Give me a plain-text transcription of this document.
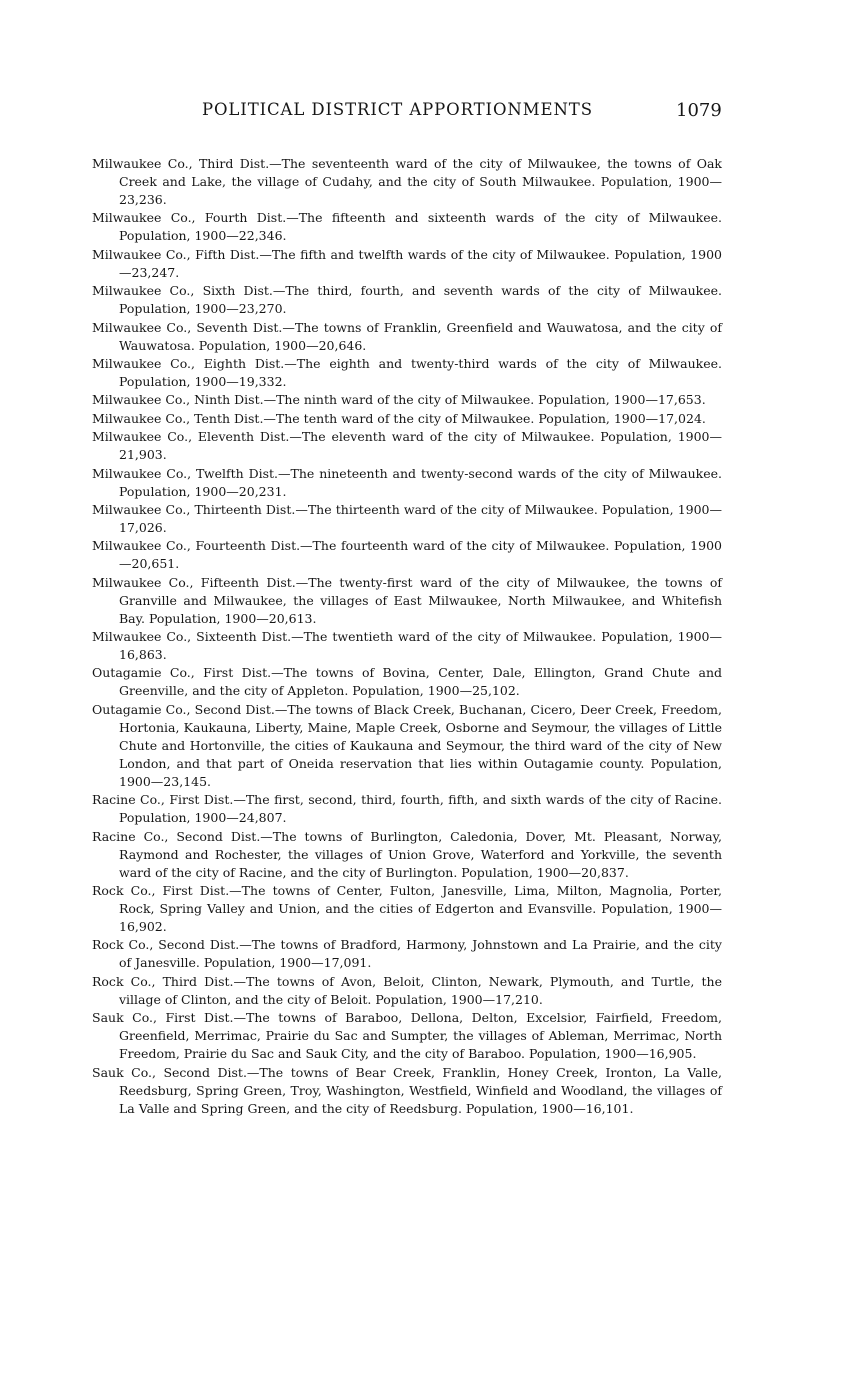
POLITICAL DISTRICT APPORTIONMENTS	1079

Milwaukee Co., Third Dist.—The seventeenth ward of the city of Milwaukee, the towns of Oak Creek and Lake, the village of Cudahy, and the city of South Milwaukee. Population, 1900—23,236.

Milwaukee Co., Fourth Dist.—The fifteenth and sixteenth wards of the city of Milwaukee. Population, 1900—22,346.

Milwaukee Co., Fifth Dist.—The fifth and twelfth wards of the city of Milwaukee. Population, 1900—23,247.

Milwaukee Co., Sixth Dist.—The third, fourth, and seventh wards of the city of Milwaukee. Population, 1900—23,270.

Milwaukee Co., Seventh Dist.—The towns of Franklin, Greenfield and Wauwatosa, and the city of Wauwatosa. Population, 1900—20,646.

Milwaukee Co., Eighth Dist.—The eighth and twenty-third wards of the city of Milwaukee. Population, 1900—19,332.

Milwaukee Co., Ninth Dist.—The ninth ward of the city of Milwaukee. Population, 1900—17,653.

Milwaukee Co., Tenth Dist.—The tenth ward of the city of Milwaukee. Population, 1900—17,024.

Milwaukee Co., Eleventh Dist.—The eleventh ward of the city of Milwaukee. Population, 1900—21,903.

Milwaukee Co., Twelfth Dist.—The nineteenth and twenty-second wards of the city of Milwaukee. Population, 1900—20,231.

Milwaukee Co., Thirteenth Dist.—The thirteenth ward of the city of Milwaukee. Population, 1900—17,026.

Milwaukee Co., Fourteenth Dist.—The fourteenth ward of the city of Milwaukee. Population, 1900—20,651.

Milwaukee Co., Fifteenth Dist.—The twenty-first ward of the city of Milwaukee, the towns of Granville and Milwaukee, the villages of East Milwaukee, North Milwaukee, and Whitefish Bay. Population, 1900—20,613.

Milwaukee Co., Sixteenth Dist.—The twentieth ward of the city of Milwaukee. Population, 1900—16,863.

Outagamie Co., First Dist.—The towns of Bovina, Center, Dale, Ellington, Grand Chute and Greenville, and the city of Appleton. Population, 1900—25,102.

Outagamie Co., Second Dist.—The towns of Black Creek, Buchanan, Cicero, Deer Creek, Freedom, Hortonia, Kaukauna, Liberty, Maine, Maple Creek, Osborne and Seymour, the villages of Little Chute and Hortonville, the cities of Kaukauna and Seymour, the third ward of the city of New London, and that part of Oneida reservation that lies within Outagamie county. Population, 1900—23,145.

Racine Co., First Dist.—The first, second, third, fourth, fifth, and sixth wards of the city of Racine. Population, 1900—24,807.

Racine Co., Second Dist.—The towns of Burlington, Caledonia, Dover, Mt. Pleasant, Norway, Raymond and Rochester, the villages of Union Grove, Waterford and Yorkville, the seventh ward of the city of Racine, and the city of Burlington. Population, 1900—20,837.

Rock Co., First Dist.—The towns of Center, Fulton, Janesville, Lima, Milton, Magnolia, Porter, Rock, Spring Valley and Union, and the cities of Edgerton and Evansville. Population, 1900—16,902.

Rock Co., Second Dist.—The towns of Bradford, Harmony, Johnstown and La Prairie, and the city of Janesville. Population, 1900—17,091.

Rock Co., Third Dist.—The towns of Avon, Beloit, Clinton, Newark, Plymouth, and Turtle, the village of Clinton, and the city of Beloit. Population, 1900—17,210.

Sauk Co., First Dist.—The towns of Baraboo, Dellona, Delton, Excelsior, Fairfield, Freedom, Greenfield, Merrimac, Prairie du Sac and Sumpter, the villages of Ableman, Merrimac, North Freedom, Prairie du Sac and Sauk City, and the city of Baraboo. Population, 1900—16,905.

Sauk Co., Second Dist.—The towns of Bear Creek, Franklin, Honey Creek, Ironton, La Valle, Reedsburg, Spring Green, Troy, Washington, Westfield, Winfield and Woodland, the villages of La Valle and Spring Green, and the city of Reedsburg. Population, 1900—16,101.
